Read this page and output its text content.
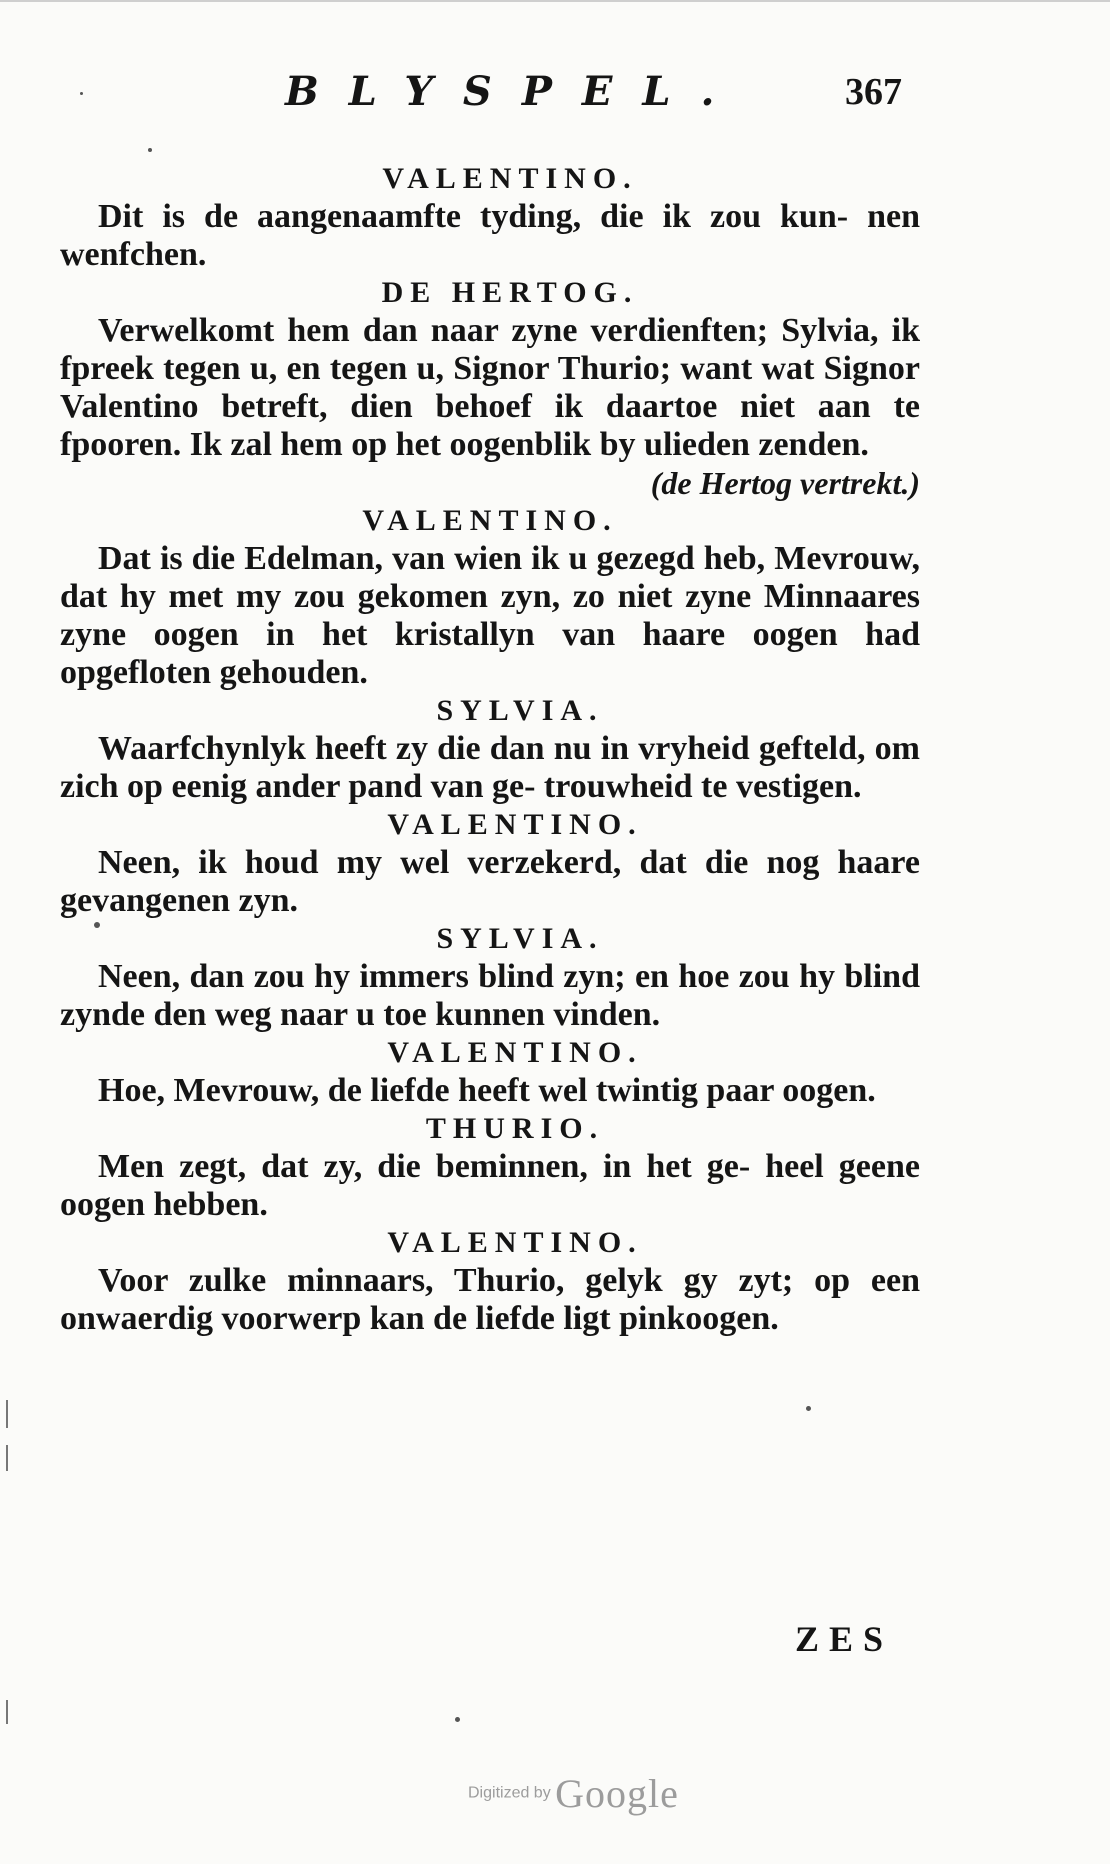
BLYSPEL.	367
VALENTINO.
Dit is de aangenaamfte tyding, die ik zou kun- nen wenfchen.
DE HERTOG.
Verwelkomt hem dan naar zyne verdienften; Sylvia, ik fpreek tegen u, en tegen u, Signor Thurio; want wat Signor Valentino betreft, dien behoef ik daartoe niet aan te fpooren. Ik zal hem op het oogenblik by ulieden zenden.
(de Hertog vertrekt.)
VALENTINO.
Dat is die Edelman, van wien ik u gezegd heb, Mevrouw, dat hy met my zou gekomen zyn, zo niet zyne Minnaares zyne oogen in het kristallyn van haare oogen had opgefloten gehouden.
SYLVIA.
Waarfchynlyk heeft zy die dan nu in vryheid gefteld, om zich op eenig ander pand van ge- trouwheid te vestigen.
VALENTINO.
Neen, ik houd my wel verzekerd, dat die nog haare gevangenen zyn.
SYLVIA.
Neen, dan zou hy immers blind zyn; en hoe zou hy blind zynde den weg naar u toe kunnen vinden.
VALENTINO.
Hoe, Mevrouw, de liefde heeft wel twintig paar oogen.
THURIO.
Men zegt, dat zy, die beminnen, in het ge- heel geene oogen hebben.
VALENTINO.
Voor zulke minnaars, Thurio, gelyk gy zyt; op een onwaerdig voorwerp kan de liefde ligt pinkoogen.
ZES
Digitized by Google
